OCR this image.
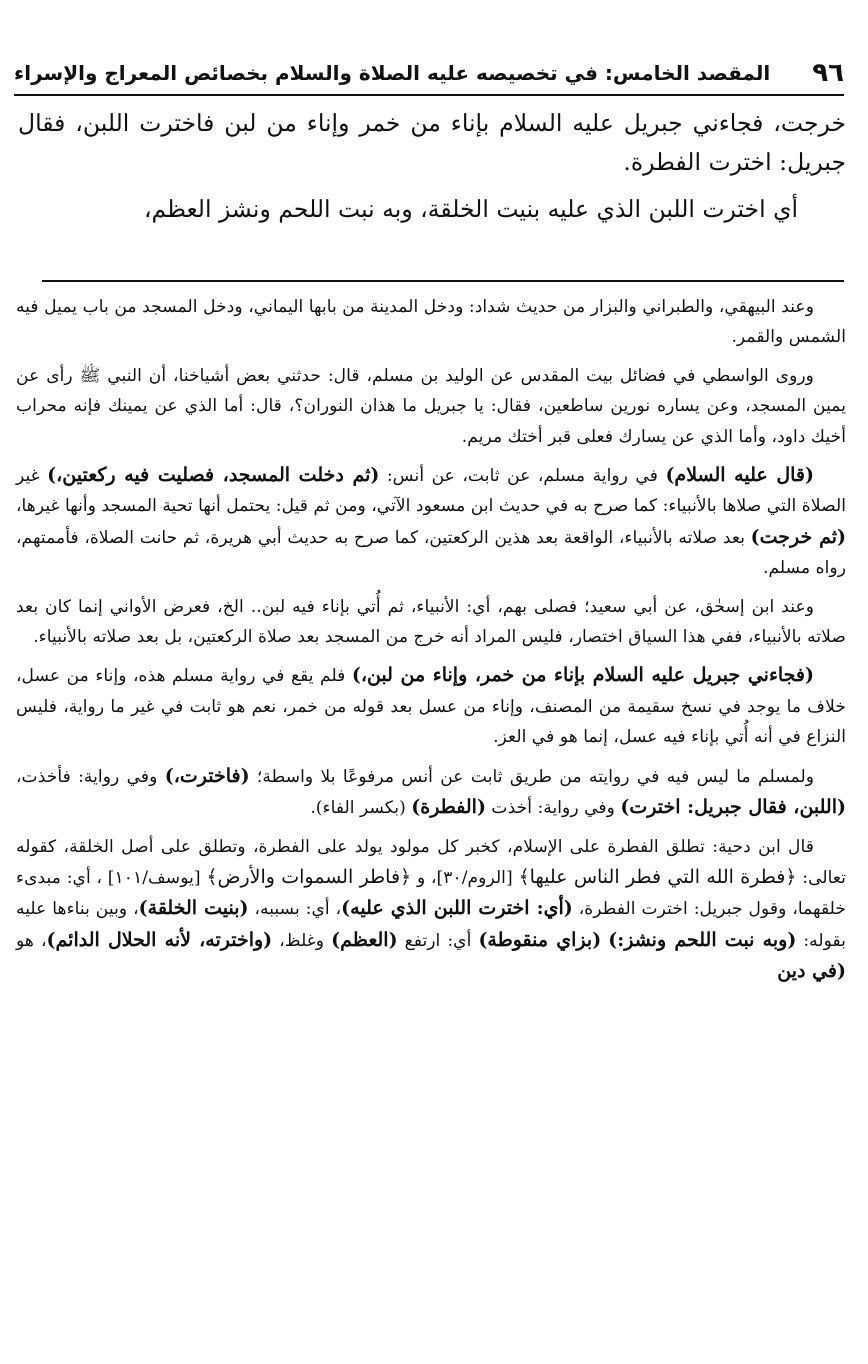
٩٦
المقصد الخامس: في تخصيصه عليه الصلاة والسلام بخصائص المعراج والإسراء

خرجت، فجاءني جبريل عليه السلام بإناء من خمر وإناء من لبن فاخترت اللبن، فقال جبريل: اخترت الفطرة.

أي اخترت اللبن الذي عليه بنيت الخلقة، وبه نبت اللحم ونشز العظم،

وعند البيهقي، والطبراني والبزار من حديث شداد: ودخل المدينة من بابها اليماني، ودخل المسجد من باب يميل فيه الشمس والقمر.

وروى الواسطي في فضائل بيت المقدس عن الوليد بن مسلم، قال: حدثني بعض أشياخنا، أن النبي ﷺ رأى عن يمين المسجد، وعن يساره نورين ساطعين، فقال: يا جبريل ما هذان النوران؟، قال: أما الذي عن يمينك فإنه محراب أخيك داود، وأما الذي عن يسارك فعلى قبر أختك مريم.

(قال عليه السلام) في رواية مسلم، عن ثابت، عن أنس: (ثم دخلت المسجد، فصليت فيه ركعتين،) غير الصلاة التي صلاها بالأنبياء: كما صرح به في حديث ابن مسعود الآتي، ومن ثم قيل: يحتمل أنها تحية المسجد وأنها غيرها، (ثم خرجت) بعد صلاته بالأنبياء، الواقعة بعد هذين الركعتين، كما صرح به حديث أبي هريرة، ثم حانت الصلاة، فأممتهم، رواه مسلم.

وعند ابن إسحٰق، عن أبي سعيد؛ فصلى بهم، أي: الأنبياء، ثم أُتي بإناء فيه لبن.. الخ، فعرض الأواني إنما كان بعد صلاته بالأنبياء، ففي هذا السياق اختصار، فليس المراد أنه خرج من المسجد بعد صلاة الركعتين، بل بعد صلاته بالأنبياء.

(فجاءني جبريل عليه السلام بإناء من خمر، وإناء من لبن،) فلم يقع في رواية مسلم هذه، وإناء من عسل، خلاف ما يوجد في نسخ سقيمة من المصنف، وإناء من عسل بعد قوله من خمر، نعم هو ثابت في غير ما رواية، فليس النزاع في أنه أُتي بإناء فيه عسل، إنما هو في العز.

ولمسلم ما ليس فيه في روايته من طريق ثابت عن أنس مرفوعًا بلا واسطة؛ (فاخترت،) وفي رواية: فأخذت، (اللبن، فقال جبريل: اخترت) وفي رواية: أخذت (الفطرة) (بكسر الفاء).

قال ابن دحية: تطلق الفطرة على الإسلام، كخبر كل مولود يولد على الفطرة، وتطلق على أصل الخلقة، كقوله تعالى: ﴿فطرة الله التي فطر الناس عليها﴾ [الروم/٣٠]، و ﴿فاطر السموات والأرض﴾ [يوسف/١٠١] ، أي: مبدىء خلقهما، وقول جبريل: اخترت الفطرة، (أي: اخترت اللبن الذي عليه)، أي: بسببه، (بنيت الخلقة)، وبين بناءها عليه بقوله: (وبه نبت اللحم ونشز:) (بزاي منقوطة) أي: ارتفع (العظم) وغلظ، (واخترته، لأنه الحلال الدائم)، هو (في دين
